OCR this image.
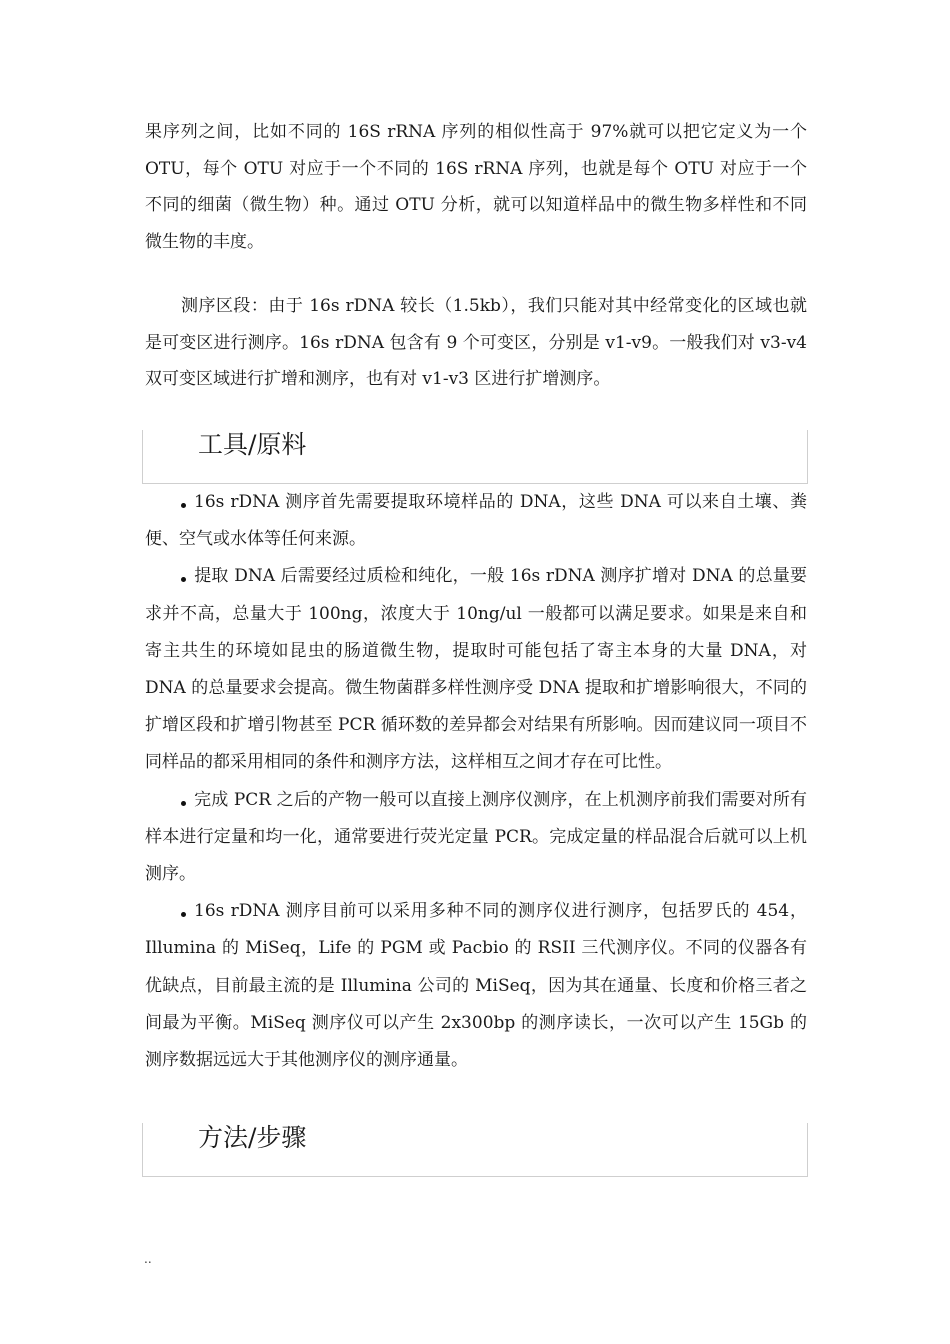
果序列之间，比如不同的 16S rRNA 序列的相似性高于 97%就可以把它定义为一个 OTU，每个 OTU 对应于一个不同的 16S rRNA 序列，也就是每个 OTU 对应于一个不同的细菌（微生物）种。通过 OTU 分析，就可以知道样品中的微生物多样性和不同微生物的丰度。

测序区段：由于 16s rDNA 较长（1.5kb），我们只能对其中经常变化的区域也就是可变区进行测序。16s rDNA 包含有 9 个可变区，分别是 v1-v9。一般我们对 v3-v4 双可变区域进行扩增和测序，也有对 v1-v3 区进行扩增测序。

工具/原料
16s rDNA 测序首先需要提取环境样品的 DNA，这些 DNA 可以来自土壤、粪便、空气或水体等任何来源。
提取 DNA 后需要经过质检和纯化，一般 16s rDNA 测序扩增对 DNA 的总量要求并不高，总量大于 100ng，浓度大于 10ng/ul 一般都可以满足要求。如果是来自和寄主共生的环境如昆虫的肠道微生物，提取时可能包括了寄主本身的大量 DNA，对 DNA 的总量要求会提高。微生物菌群多样性测序受 DNA 提取和扩增影响很大，不同的扩增区段和扩增引物甚至 PCR 循环数的差异都会对结果有所影响。因而建议同一项目不同样品的都采用相同的条件和测序方法，这样相互之间才存在可比性。
完成 PCR 之后的产物一般可以直接上测序仪测序，在上机测序前我们需要对所有样本进行定量和均一化，通常要进行荧光定量 PCR。完成定量的样品混合后就可以上机测序。
16s rDNA 测序目前可以采用多种不同的测序仪进行测序，包括罗氏的 454，Illumina 的 MiSeq，Life 的 PGM 或 Pacbio 的 RSII 三代测序仪。不同的仪器各有优缺点，目前最主流的是 Illumina 公司的 MiSeq，因为其在通量、长度和价格三者之间最为平衡。MiSeq 测序仪可以产生 2x300bp 的测序读长，一次可以产生 15Gb 的测序数据远远大于其他测序仪的测序通量。
方法/步骤
..
